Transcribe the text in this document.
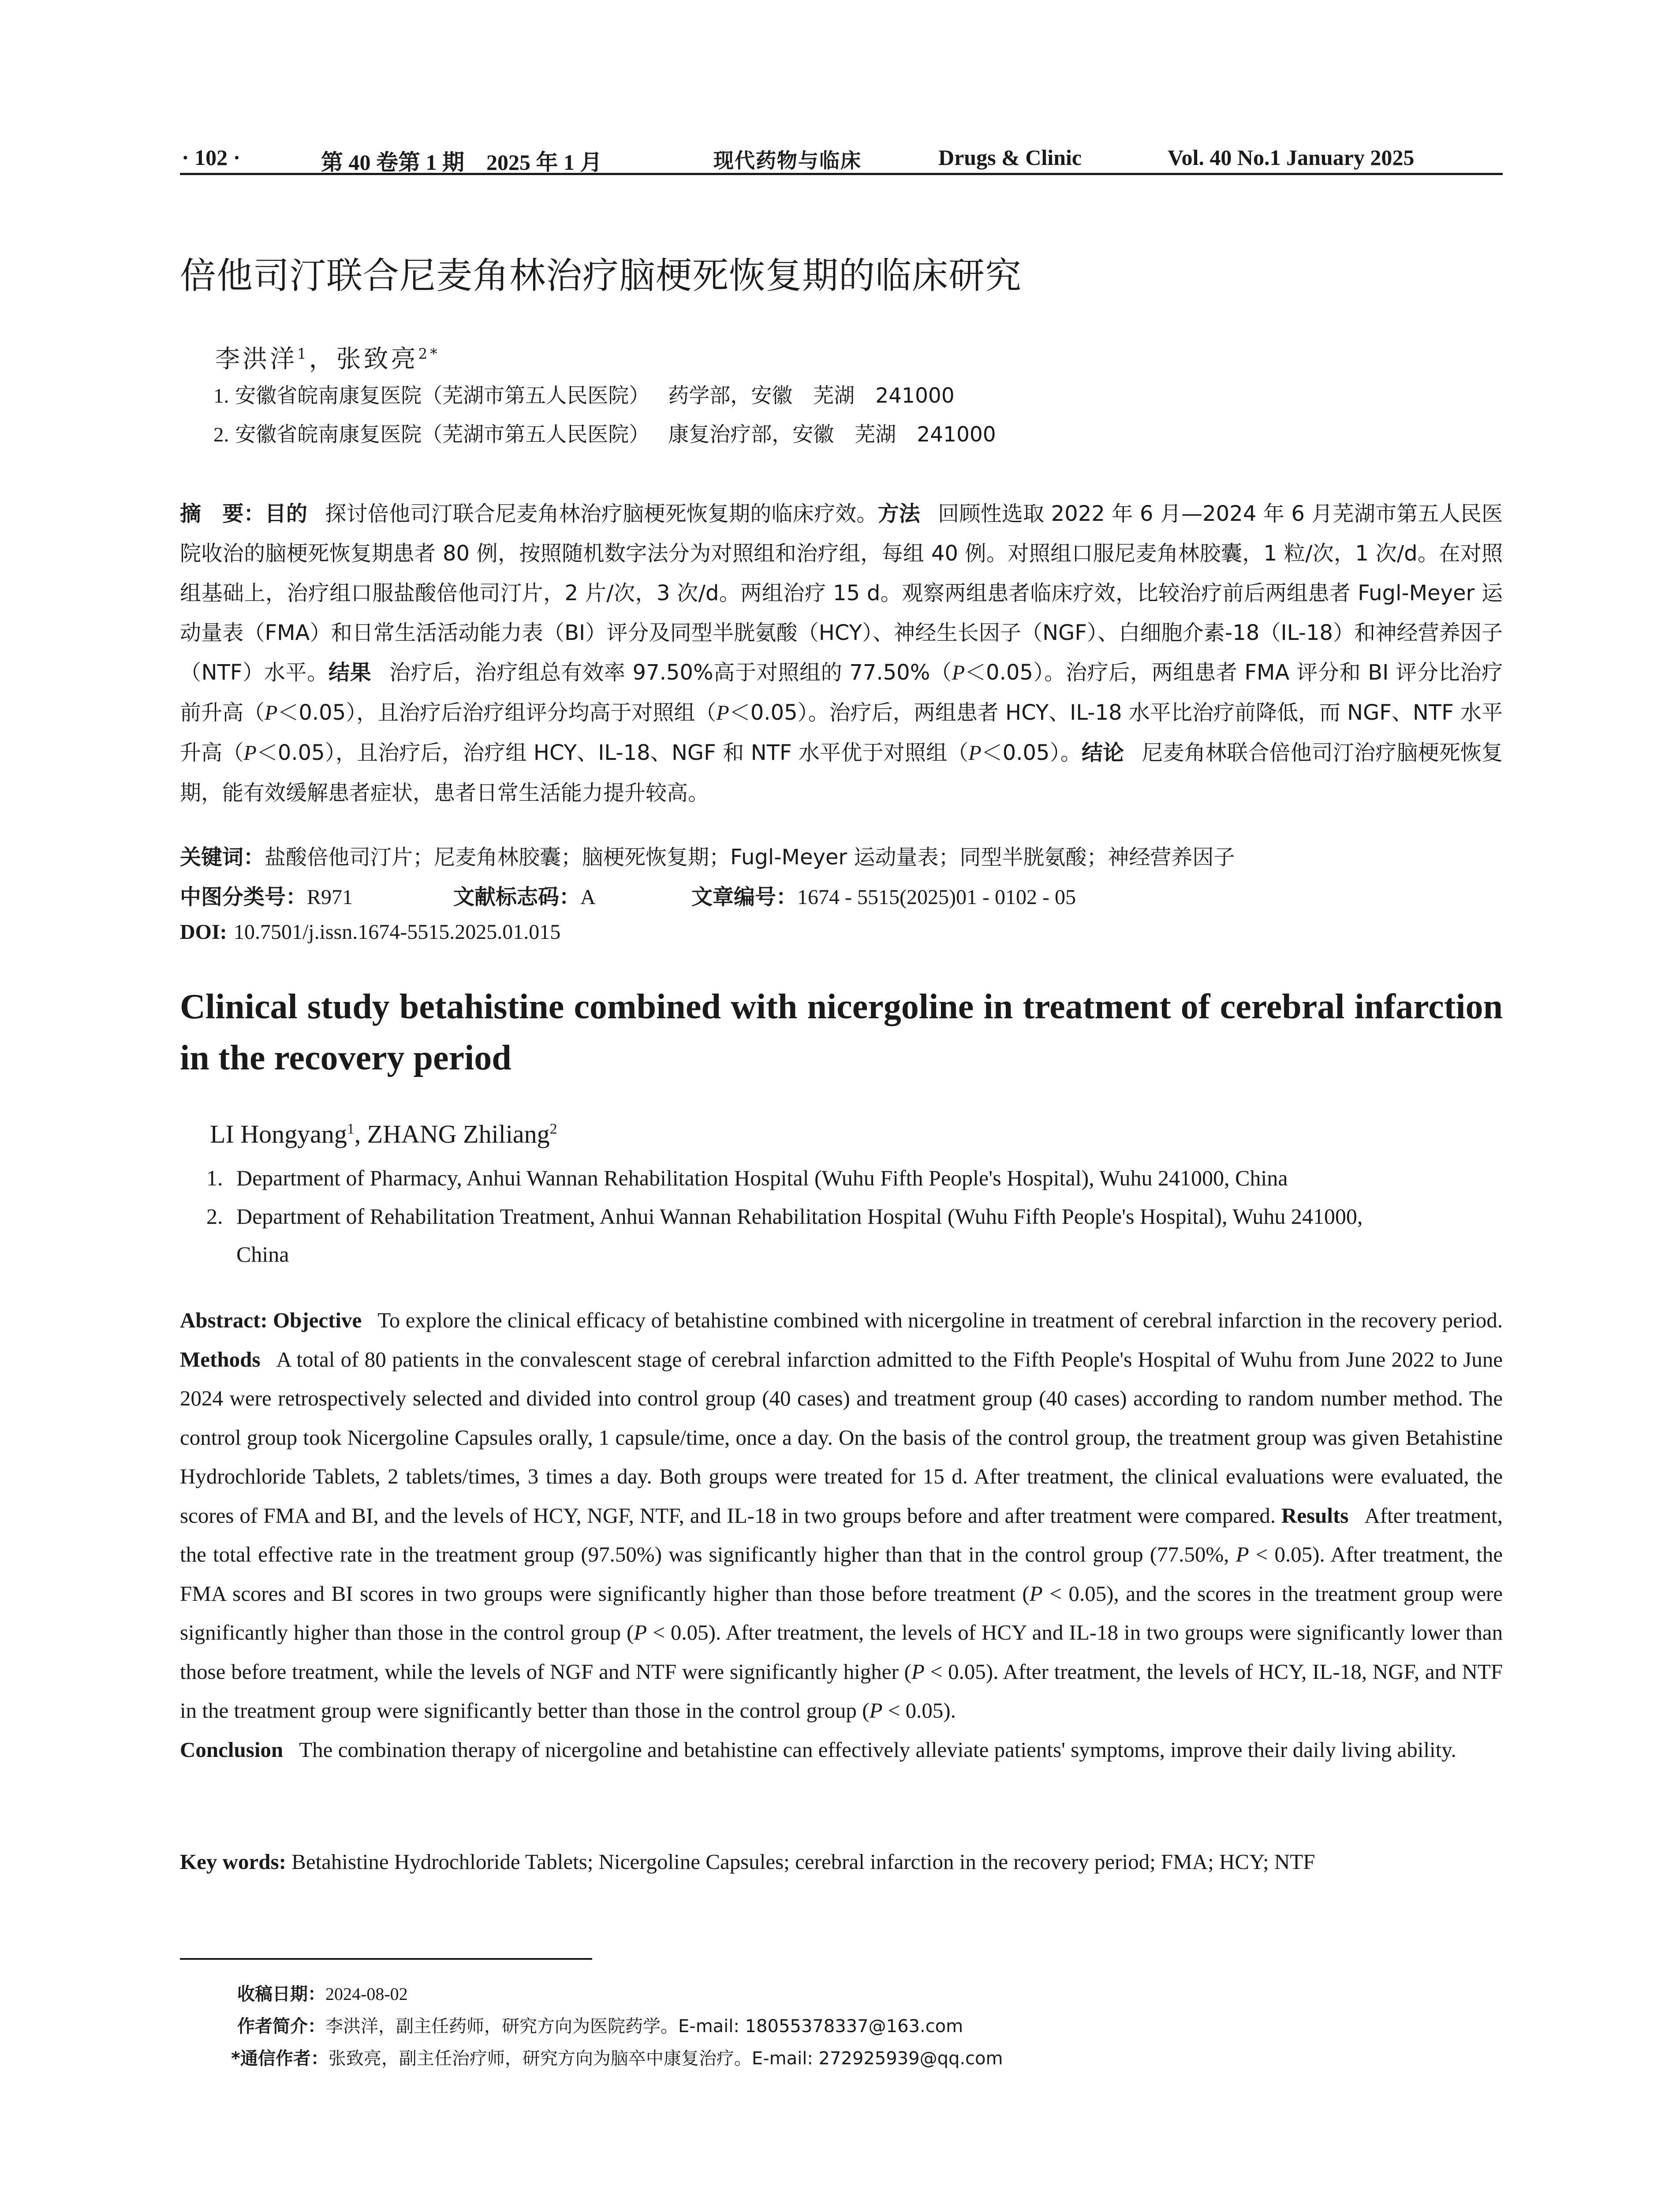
· 102 ·	第 40 卷第 1 期　2025 年 1 月	现代药物与临床	Drugs & Clinic	Vol. 40 No.1 January 2025
倍他司汀联合尼麦角林治疗脑梗死恢复期的临床研究
李洪洋$^1$，张致亮$^{2*}$
1. 安徽省皖南康复医院（芜湖市第五人民医院） 药学部，安徽　芜湖　241000
2. 安徽省皖南康复医院（芜湖市第五人民医院） 康复治疗部，安徽　芜湖　241000
摘　要：目的 探讨倍他司汀联合尼麦角林治疗脑梗死恢复期的临床疗效。方法 回顾性选取 2022 年 6 月—2024 年 6 月芜湖市第五人民医院收治的脑梗死恢复期患者 80 例，按照随机数字法分为对照组和治疗组，每组 40 例。对照组口服尼麦角林胶囊，1 粒/次，1 次/d。在对照组基础上，治疗组口服盐酸倍他司汀片，2 片/次，3 次/d。两组治疗 15 d。观察两组患者临床疗效，比较治疗前后两组患者 Fugl-Meyer 运动量表（FMA）和日常生活活动能力表（BI）评分及同型半胱氨酸（HCY）、神经生长因子（NGF）、白细胞介素-18（IL-18）和神经营养因子（NTF）水平。结果 治疗后，治疗组总有效率 97.50%高于对照组的 77.50%（P＜0.05）。治疗后，两组患者 FMA 评分和 BI 评分比治疗前升高（P＜0.05），且治疗后治疗组评分均高于对照组（P＜0.05）。治疗后，两组患者 HCY、IL-18 水平比治疗前降低，而 NGF、NTF 水平升高（P＜0.05），且治疗后，治疗组 HCY、IL-18、NGF 和 NTF 水平优于对照组（P＜0.05）。结论 尼麦角林联合倍他司汀治疗脑梗死恢复期，能有效缓解患者症状，患者日常生活能力提升较高。
关键词：盐酸倍他司汀片；尼麦角林胶囊；脑梗死恢复期；Fugl-Meyer 运动量表；同型半胱氨酸；神经营养因子
中图分类号：R971	文献标志码：A	文章编号：1674 - 5515(2025)01 - 0102 - 05
DOI: 10.7501/j.issn.1674-5515.2025.01.015
Clinical study betahistine combined with nicergoline in treatment of cerebral infarction in the recovery period
LI Hongyang$^1$, ZHANG Zhiliang$^2$
1. Department of Pharmacy, Anhui Wannan Rehabilitation Hospital (Wuhu Fifth People's Hospital), Wuhu 241000, China
2. Department of Rehabilitation Treatment, Anhui Wannan Rehabilitation Hospital (Wuhu Fifth People's Hospital), Wuhu 241000,
China
Abstract: Objective To explore the clinical efficacy of betahistine combined with nicergoline in treatment of cerebral infarction in the recovery period. Methods A total of 80 patients in the convalescent stage of cerebral infarction admitted to the Fifth People's Hospital of Wuhu from June 2022 to June 2024 were retrospectively selected and divided into control group (40 cases) and treatment group (40 cases) according to random number method. The control group took Nicergoline Capsules orally, 1 capsule/time, once a day. On the basis of the control group, the treatment group was given Betahistine Hydrochloride Tablets, 2 tablets/times, 3 times a day. Both groups were treated for 15 d. After treatment, the clinical evaluations were evaluated, the scores of FMA and BI, and the levels of HCY, NGF, NTF, and IL-18 in two groups before and after treatment were compared. Results After treatment, the total effective rate in the treatment group (97.50%) was significantly higher than that in the control group (77.50%, P < 0.05). After treatment, the FMA scores and BI scores in two groups were significantly higher than those before treatment (P < 0.05), and the scores in the treatment group were significantly higher than those in the control group (P < 0.05). After treatment, the levels of HCY and IL-18 in two groups were significantly lower than those before treatment, while the levels of NGF and NTF were significantly higher (P < 0.05). After treatment, the levels of HCY, IL-18, NGF, and NTF in the treatment group were significantly better than those in the control group (P < 0.05).
Conclusion The combination therapy of nicergoline and betahistine can effectively alleviate patients' symptoms, improve their daily living ability.
Key words: Betahistine Hydrochloride Tablets; Nicergoline Capsules; cerebral infarction in the recovery period; FMA; HCY; NTF
收稿日期：2024-08-02
作者简介：李洪洋，副主任药师，研究方向为医院药学。E-mail: 18055378337@163.com
*通信作者：张致亮，副主任治疗师，研究方向为脑卒中康复治疗。E-mail: 272925939@qq.com
